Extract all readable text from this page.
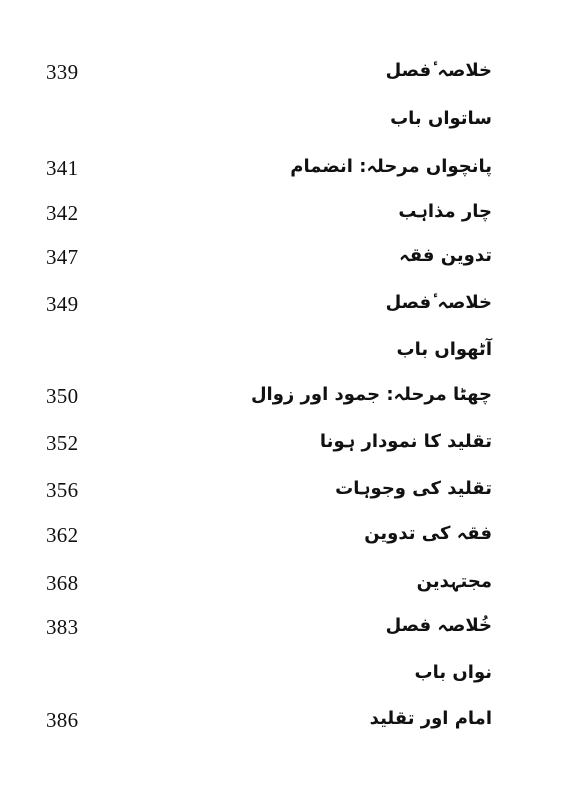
خلاصہ ٔفصل
339
ساتواں باب
پانچواں مرحلہ: انضمام
341
چار مذاہب
342
تدوین فقہ
347
خلاصہ ٔفصل
349
آٹھواں باب
چھٹا مرحلہ: جمود اور زوال
350
تقلید کا نمودار ہونا
352
تقلید کی وجوہات
356
فقہ کی تدوین
362
مجتہدین
368
خُلاصہ فصل
383
نواں باب
امام اور تقلید
386
